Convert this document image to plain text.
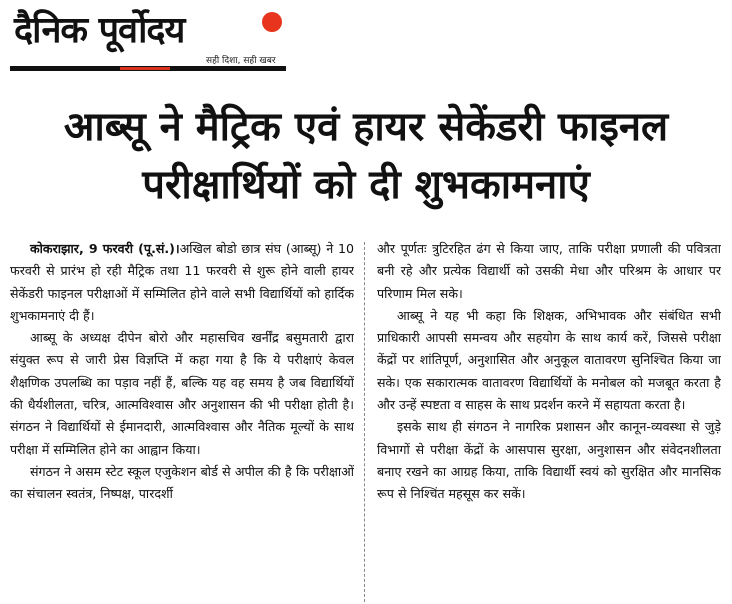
दैनिक पूर्वोदय
सही दिशा, सही खबर
आब्सू ने मैट्रिक एवं हायर सेकेंडरी फाइनल
परीक्षार्थियों को दी शुभकामनाएं

कोकराझार, 9 फरवरी (पू.सं.)।अखिल बोडो छात्र संघ (आब्सू) ने 10 फरवरी से प्रारंभ हो रही मैट्रिक तथा 11 फरवरी से शुरू होने वाली हायर सेकेंडरी फाइनल परीक्षाओं में सम्मिलित होने वाले सभी विद्यार्थियों को हार्दिक शुभकामनाएं दी हैं।

आब्सू के अध्यक्ष दीपेन बोरो और महासचिव खर्नींद्र बसुमतारी द्वारा संयुक्त रूप से जारी प्रेस विज्ञप्ति में कहा गया है कि ये परीक्षाएं केवल शैक्षणिक उपलब्धि का पड़ाव नहीं हैं, बल्कि यह वह समय है जब विद्यार्थियों की धैर्यशीलता, चरित्र, आत्मविश्वास और अनुशासन की भी परीक्षा होती है। संगठन ने विद्यार्थियों से ईमानदारी, आत्मविश्वास और नैतिक मूल्यों के साथ परीक्षा में सम्मिलित होने का आह्वान किया।

संगठन ने असम स्टेट स्कूल एजुकेशन बोर्ड से अपील की है कि परीक्षाओं का संचालन स्वतंत्र, निष्पक्ष, पारदर्शी

और पूर्णतः त्रुटिरहित ढंग से किया जाए, ताकि परीक्षा प्रणाली की पवित्रता बनी रहे और प्रत्येक विद्यार्थी को उसकी मेधा और परिश्रम के आधार पर परिणाम मिल सके।

आब्सू ने यह भी कहा कि शिक्षक, अभिभावक और संबंधित सभी प्राधिकारी आपसी समन्वय और सहयोग के साथ कार्य करें, जिससे परीक्षा केंद्रों पर शांतिपूर्ण, अनुशासित और अनुकूल वातावरण सुनिश्चित किया जा सके। एक सकारात्मक वातावरण विद्यार्थियों के मनोबल को मजबूत करता है और उन्हें स्पष्टता व साहस के साथ प्रदर्शन करने में सहायता करता है।

इसके साथ ही संगठन ने नागरिक प्रशासन और कानून-व्यवस्था से जुड़े विभागों से परीक्षा केंद्रों के आसपास सुरक्षा, अनुशासन और संवेदनशीलता बनाए रखने का आग्रह किया, ताकि विद्यार्थी स्वयं को सुरक्षित और मानसिक रूप से निश्चिंत महसूस कर सकें।
